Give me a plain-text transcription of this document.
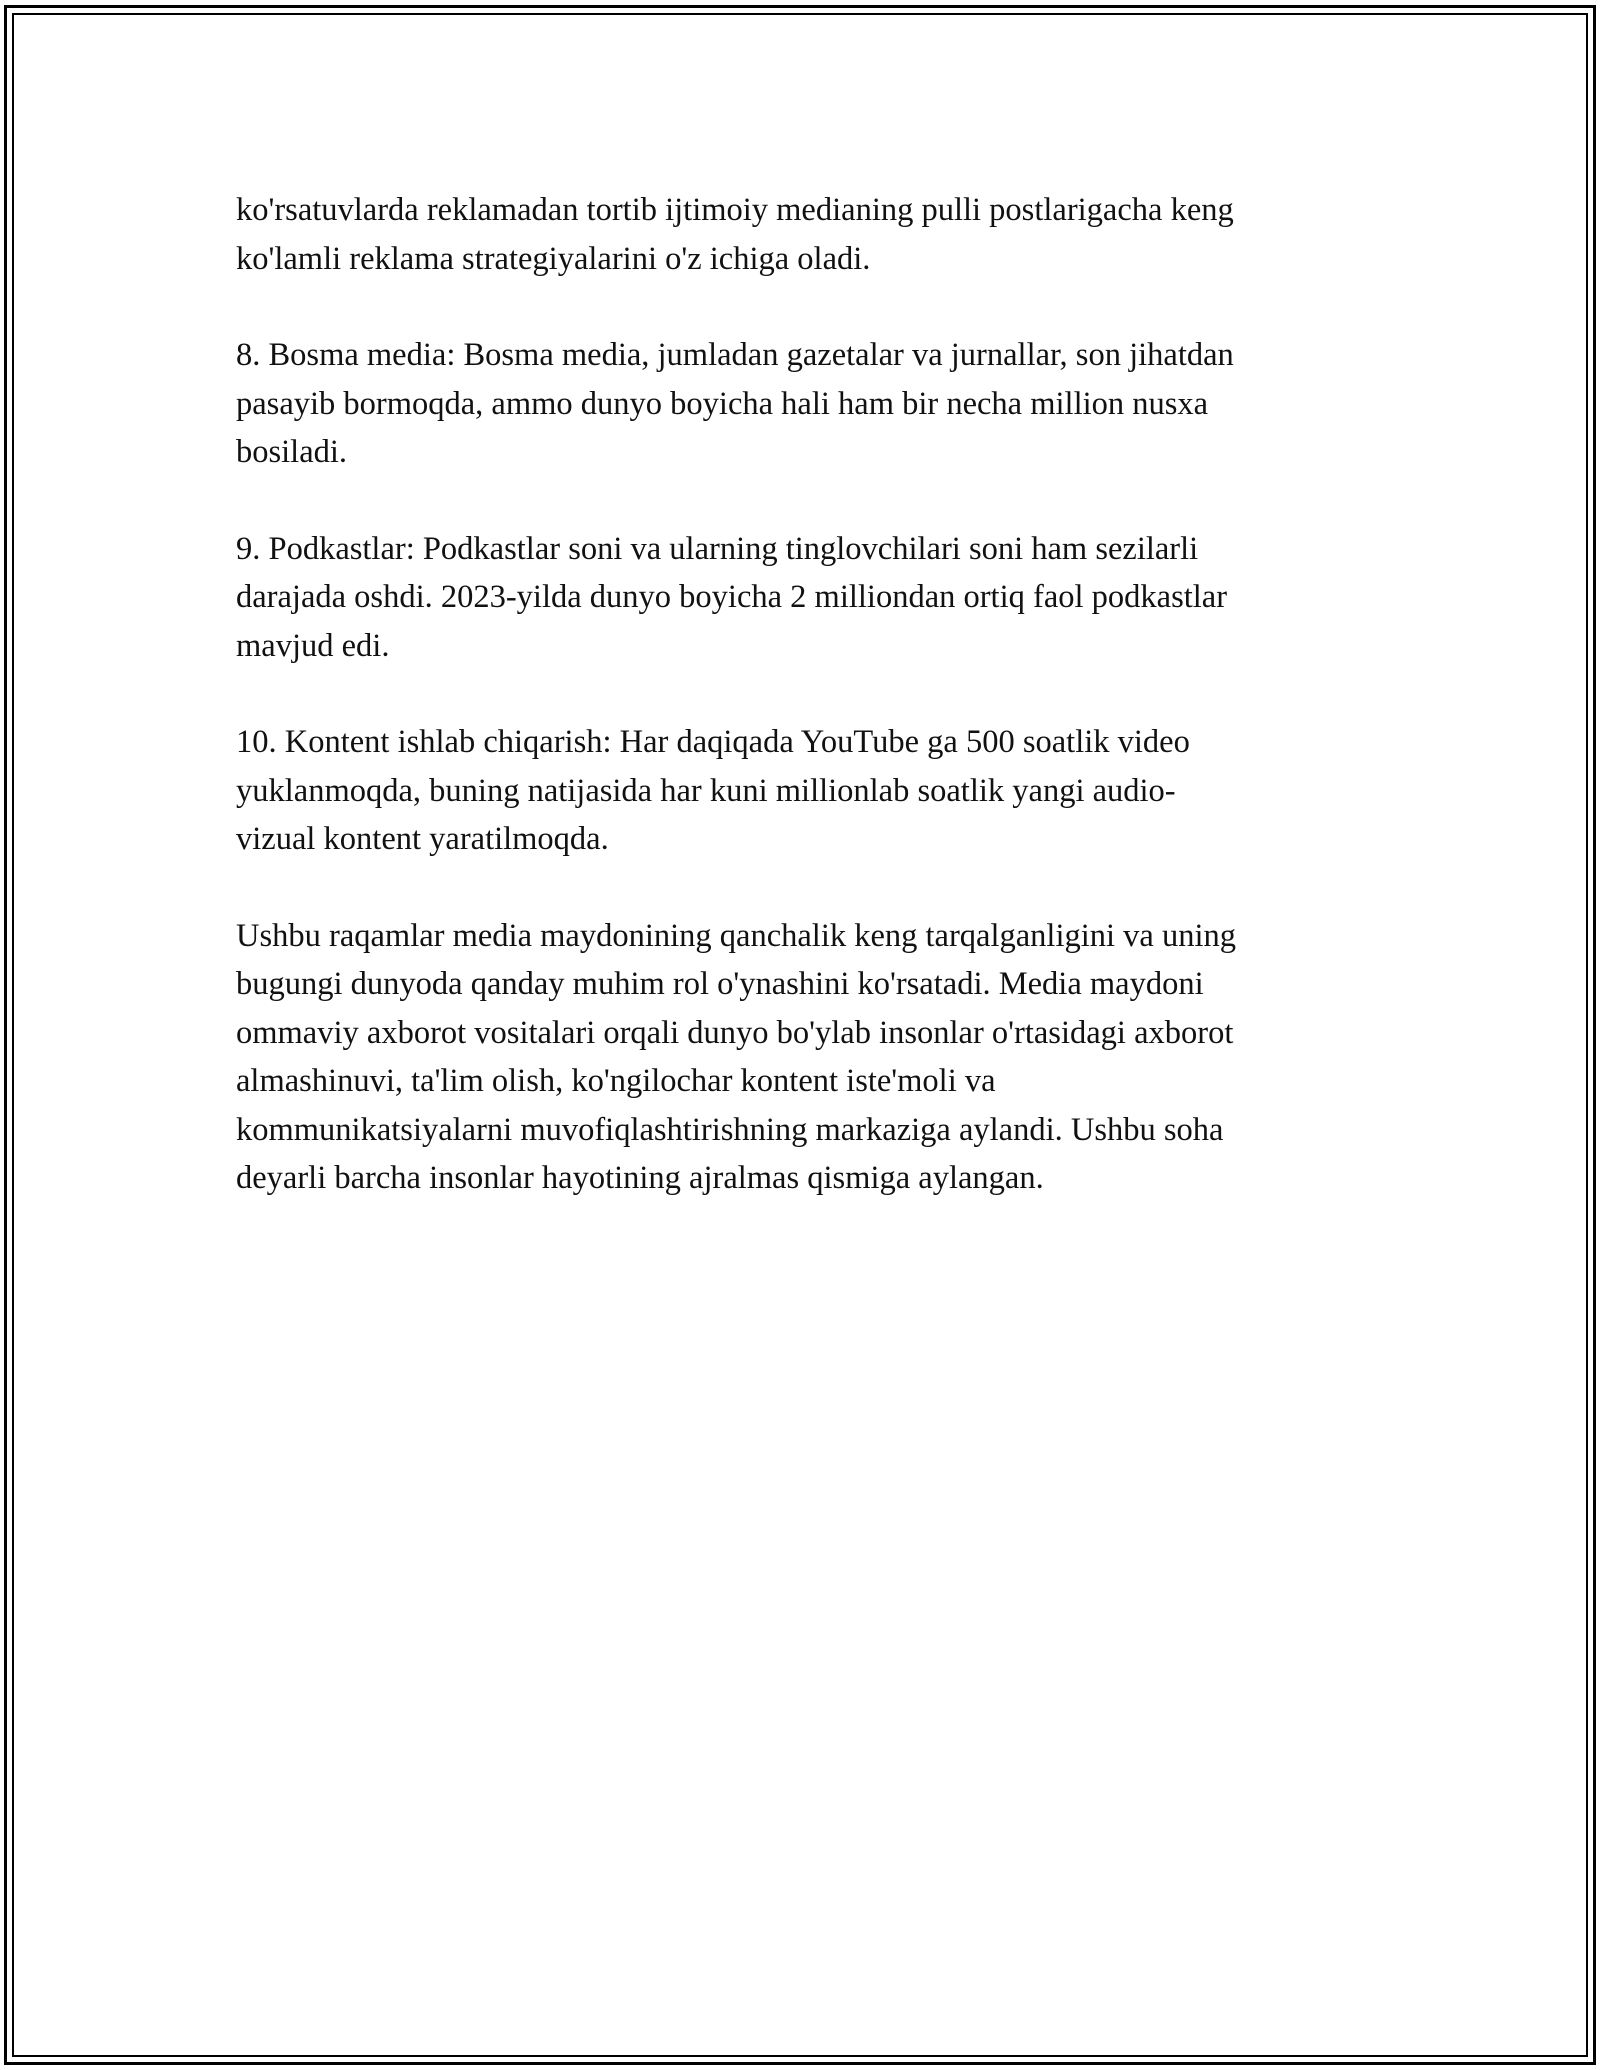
ko'rsatuvlarda reklamadan tortib ijtimoiy medianing pulli postlarigacha keng
ko'lamli reklama strategiyalarini o'z ichiga oladi.

8. Bosma media: Bosma media, jumladan gazetalar va jurnallar, son jihatdan
pasayib bormoqda, ammo dunyo boyicha hali ham bir necha million nusxa
bosiladi.

9. Podkastlar: Podkastlar soni va ularning tinglovchilari soni ham sezilarli
darajada oshdi. 2023-yilda dunyo boyicha 2 milliondan ortiq faol podkastlar
mavjud edi.

10. Kontent ishlab chiqarish: Har daqiqada YouTube ga 500 soatlik video
yuklanmoqda, buning natijasida har kuni millionlab soatlik yangi audio-
vizual kontent yaratilmoqda.

Ushbu raqamlar media maydonining qanchalik keng tarqalganligini va uning
bugungi dunyoda qanday muhim rol o'ynashini ko'rsatadi. Media maydoni
ommaviy axborot vositalari orqali dunyo bo'ylab insonlar o'rtasidagi axborot
almashinuvi, ta'lim olish, ko'ngilochar kontent iste'moli va
kommunikatsiyalarni muvofiqlashtirishning markaziga aylandi. Ushbu soha
deyarli barcha insonlar hayotining ajralmas qismiga aylangan.
